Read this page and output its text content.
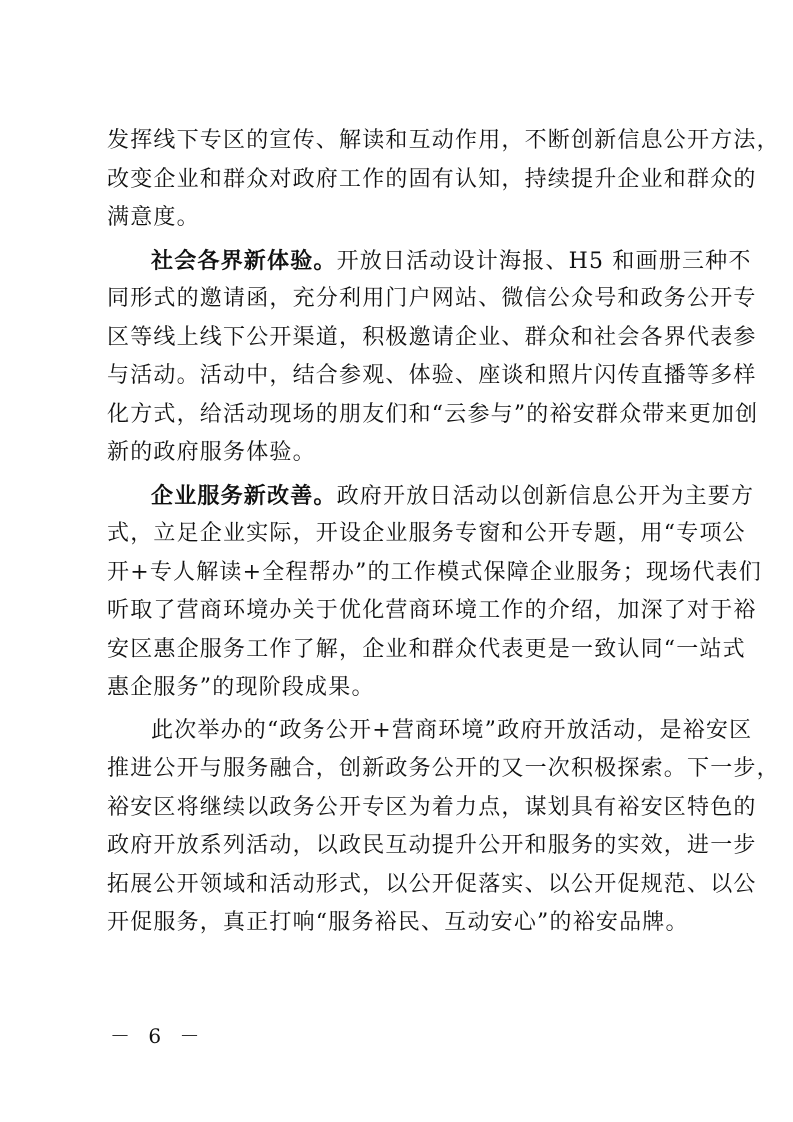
发挥线下专区的宣传、解读和互动作用，不断创新信息公开方法，
改变企业和群众对政府工作的固有认知，持续提升企业和群众的
满意度。
社会各界新体验。开放日活动设计海报、H5 和画册三种不
同形式的邀请函，充分利用门户网站、微信公众号和政务公开专
区等线上线下公开渠道，积极邀请企业、群众和社会各界代表参
与活动。活动中，结合参观、体验、座谈和照片闪传直播等多样
化方式，给活动现场的朋友们和“云参与”的裕安群众带来更加创
新的政府服务体验。
企业服务新改善。政府开放日活动以创新信息公开为主要方
式，立足企业实际，开设企业服务专窗和公开专题，用“专项公
开+专人解读+全程帮办”的工作模式保障企业服务；现场代表们
听取了营商环境办关于优化营商环境工作的介绍，加深了对于裕
安区惠企服务工作了解，企业和群众代表更是一致认同“一站式
惠企服务”的现阶段成果。
此次举办的“政务公开+营商环境”政府开放活动，是裕安区
推进公开与服务融合，创新政务公开的又一次积极探索。下一步，
裕安区将继续以政务公开专区为着力点，谋划具有裕安区特色的
政府开放系列活动，以政民互动提升公开和服务的实效，进一步
拓展公开领域和活动形式，以公开促落实、以公开促规范、以公
开促服务，真正打响“服务裕民、互动安心”的裕安品牌。
－ 6 －
